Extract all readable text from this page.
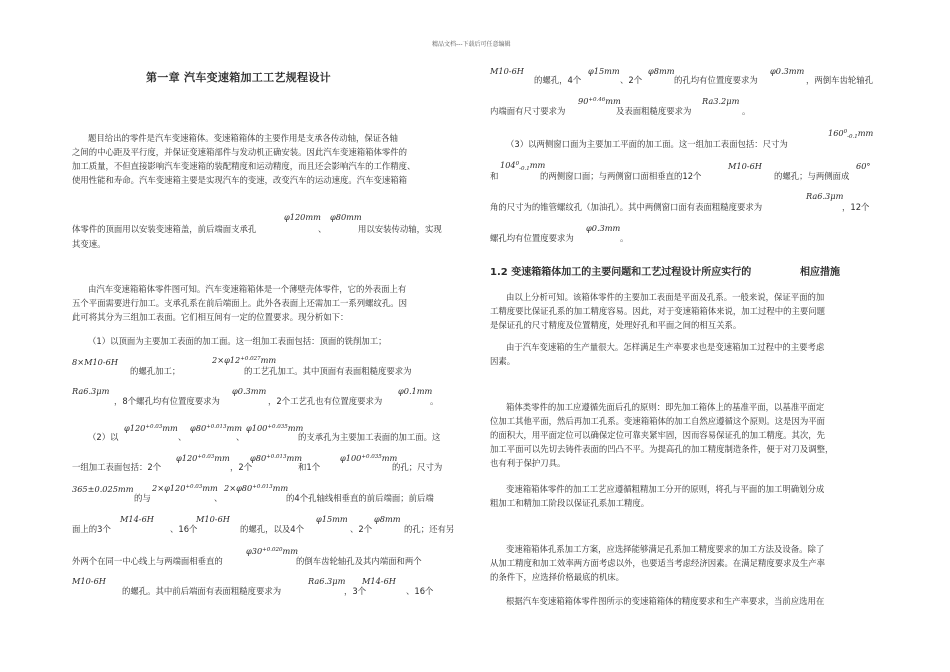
精品文档---下载后可任意编辑
第一章 汽车变速箱加工工艺规程设计
题目给出的零件是汽车变速箱体。变速箱箱体的主要作用是支承各传动轴，保证各轴
之间的中心距及平行度，并保证变速箱部件与发动机正确安装。因此汽车变速箱箱体零件的
加工质量，不但直接影响汽车变速箱的装配精度和运动精度，而且还会影响汽车的工作精度、
使用性能和寿命。汽车变速箱主要是实现汽车的变速，改变汽车的运动速度。汽车变速箱箱
φ120mm φ80mm
体零件的顶面用以安装变速箱盖，前后端面支承孔	、	用以安装传动轴，实现
其变速。
由汽车变速箱箱体零件图可知。汽车变速箱箱体是一个薄壁壳体零件，它的外表面上有
五个平面需要进行加工。支承孔系在前后端面上。此外各表面上还需加工一系列螺纹孔。因
此可将其分为三组加工表面。它们相互间有一定的位置要求。现分析如下：
（1）以顶面为主要加工表面的加工面。这一组加工表面包括：顶面的铣削加工；
8×M10-6H	$2\times\varphi 12^{+0.027}mm$
的螺孔加工；	的工艺孔加工。其中顶面有表面粗糙度要求为
Ra6.3μm	φ0.3mm	φ0.1mm
，8个螺孔均有位置度要求为	，2个工艺孔也有位置度要求为	。
$\varphi 120^{+0.03}mm$ $\varphi 80^{+0.013}mm$ $\varphi 100^{+0.035}mm$
（2）以	、	、	的支承孔为主要加工表面的加工面。这
$\varphi 120^{+0.03}mm$ $\varphi 80^{+0.013}mm$	$\varphi 100^{+0.035}mm$
一组加工表面包括：2个	，2个	和1个	的孔；尺寸为
365±0.025mm $2\times\varphi 120^{+0.03}mm$ $2\times\varphi 80^{+0.013}mm$
的与	、	的4个孔轴线相垂直的前后端面；前后端
M14-6H	M10-6H	φ15mm	φ8mm
面上的3个	、16个	的螺孔，以及4个	、2个	的孔；还有另
$\varphi 30^{+0.020}mm$
外两个在同一中心线上与两端面相垂直的	的倒车齿轮轴孔及其内端面和两个
M10-6H	Ra6.3μm M14-6H
的螺孔。其中前后端面有表面粗糙度要求为	，3个	、16个
M10-6H	φ15mm	φ8mm	φ0.3mm
的螺孔，4个	、2个	的孔均有位置度要求为	，两倒车齿轮轴孔
$90^{+0.46}mm$	Ra3.2μm
内端面有尺寸要求为	及表面粗糙度要求为	。
$160^0_{-0.1}mm$
（3）以两侧窗口面为主要加工平面的加工面。这一组加工表面包括：尺寸为
$104^0_{-0.1}mm$	M10-6H	60°
和	的两侧窗口面；与两侧窗口面相垂直的12个	的螺孔；与两侧面成
Ra6.3μm
角的尺寸为的锥管螺纹孔（加油孔）。其中两侧窗口面有表面粗糙度要求为	，12个
φ0.3mm
螺孔均有位置度要求为	。
1.2 变速箱箱体加工的主要问题和工艺过程设计所应实行的	相应措施
由以上分析可知。该箱体零件的主要加工表面是平面及孔系。一般来说，保证平面的加
工精度要比保证孔系的加工精度容易。因此，对于变速箱箱体来说，加工过程中的主要问题
是保证孔的尺寸精度及位置精度，处理好孔和平面之间的相互关系。
由于汽车变速箱的生产量很大。怎样满足生产率要求也是变速箱加工过程中的主要考虑
因素。
箱体类零件的加工应遵循先面后孔的原则：即先加工箱体上的基准平面，以基准平面定
位加工其他平面，然后再加工孔系。变速箱箱体的加工自然应遵循这个原则。这是因为平面
的面积大，用平面定位可以确保定位可靠夹紧牢固，因而容易保证孔的加工精度。其次，先
加工平面可以先切去铸件表面的凹凸不平。为提高孔的加工精度制造条件，便于对刀及调整，
也有利于保护刀具。
变速箱箱体零件的加工工艺应遵循粗精加工分开的原则，将孔与平面的加工明确划分成
粗加工和精加工阶段以保证孔系加工精度。
变速箱箱体孔系加工方案，应选择能够满足孔系加工精度要求的加工方法及设备。除了
从加工精度和加工效率两方面考虑以外，也要适当考虑经济因素。在满足精度要求及生产率
的条件下，应选择价格最底的机床。
根据汽车变速箱箱体零件图所示的变速箱箱体的精度要求和生产率要求，当前应选用在
